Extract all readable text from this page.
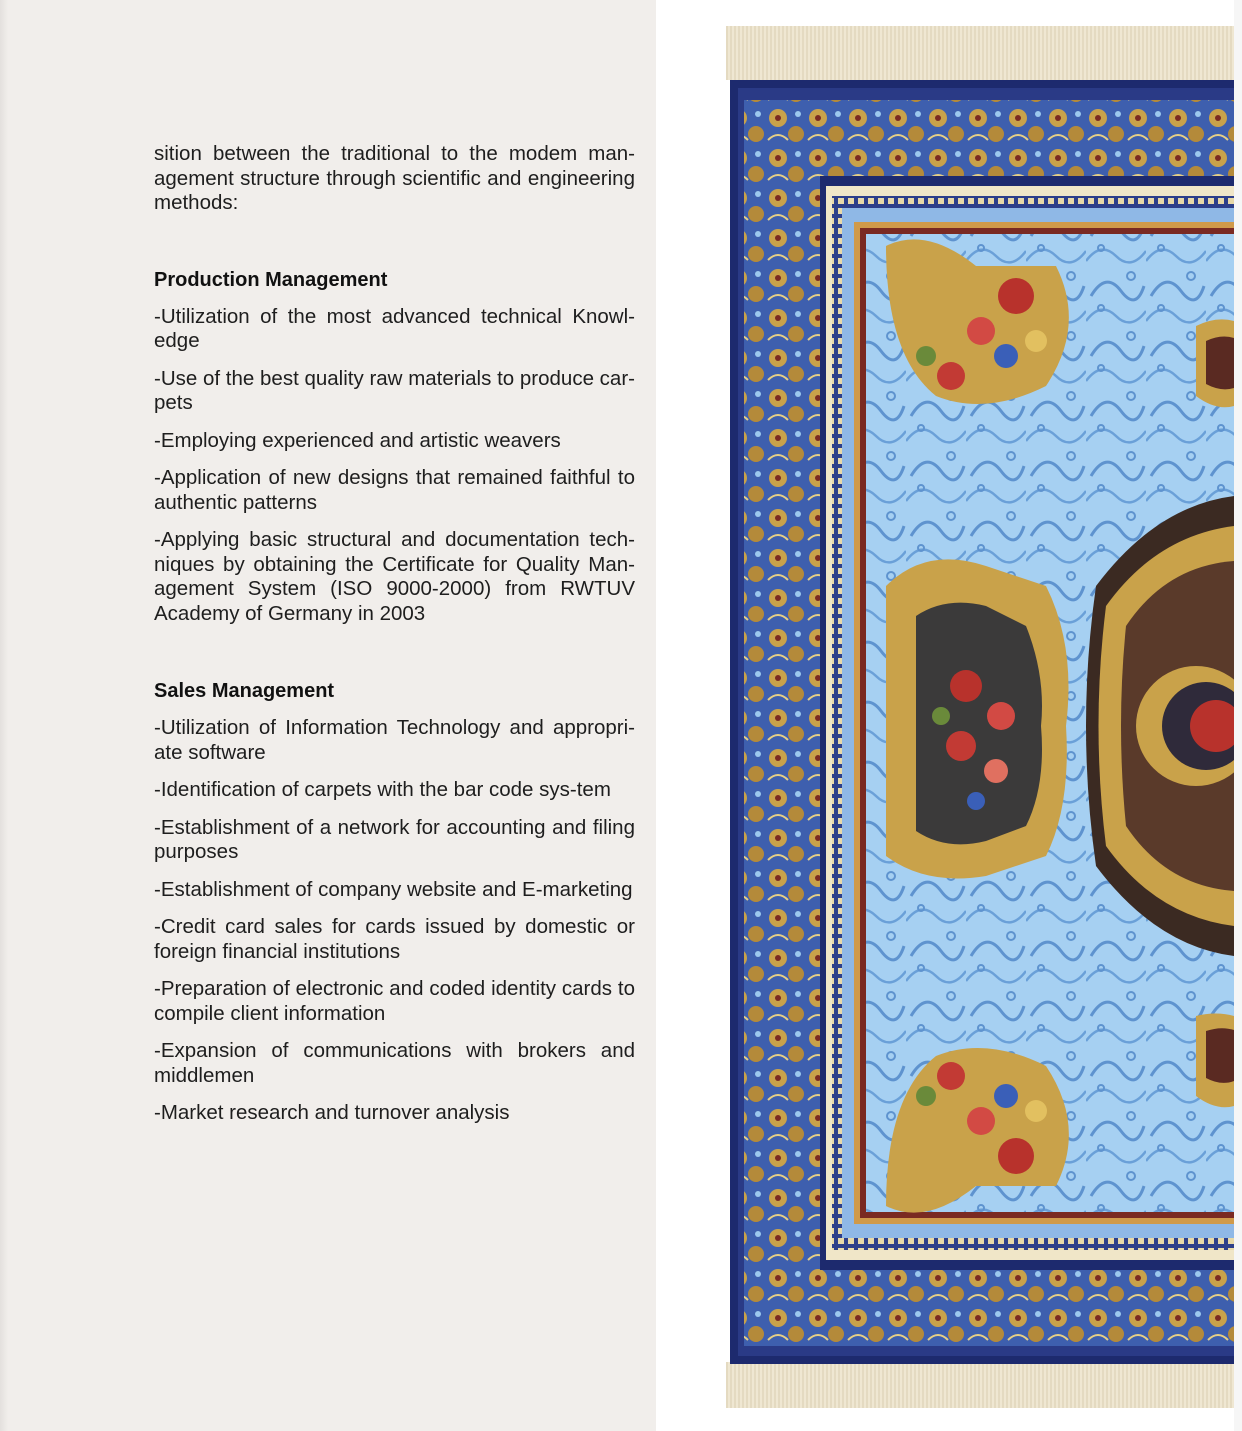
sition between the traditional to the modem man-agement structure through scientific and engineering methods:

Production Management

-Utilization of the most advanced technical Knowl-edge

-Use of the best quality raw materials to produce car-pets

-Employing experienced and artistic weavers

-Application of new designs that remained faithful to authentic patterns

-Applying basic structural and documentation tech-niques by obtaining the Certificate for Quality Man-agement System (ISO 9000-2000) from RWTUV Academy of Germany in 2003

Sales Management

-Utilization of Information Technology and appropri-ate software

-Identification of carpets with the bar code sys-tem

-Establishment of a network for accounting and filing purposes

-Establishment of company website and E-marketing

-Credit card sales for cards issued by domestic or foreign financial institutions

-Preparation of electronic and coded identity cards to compile client information

-Expansion of communications with brokers and middlemen

-Market research and turnover analysis
